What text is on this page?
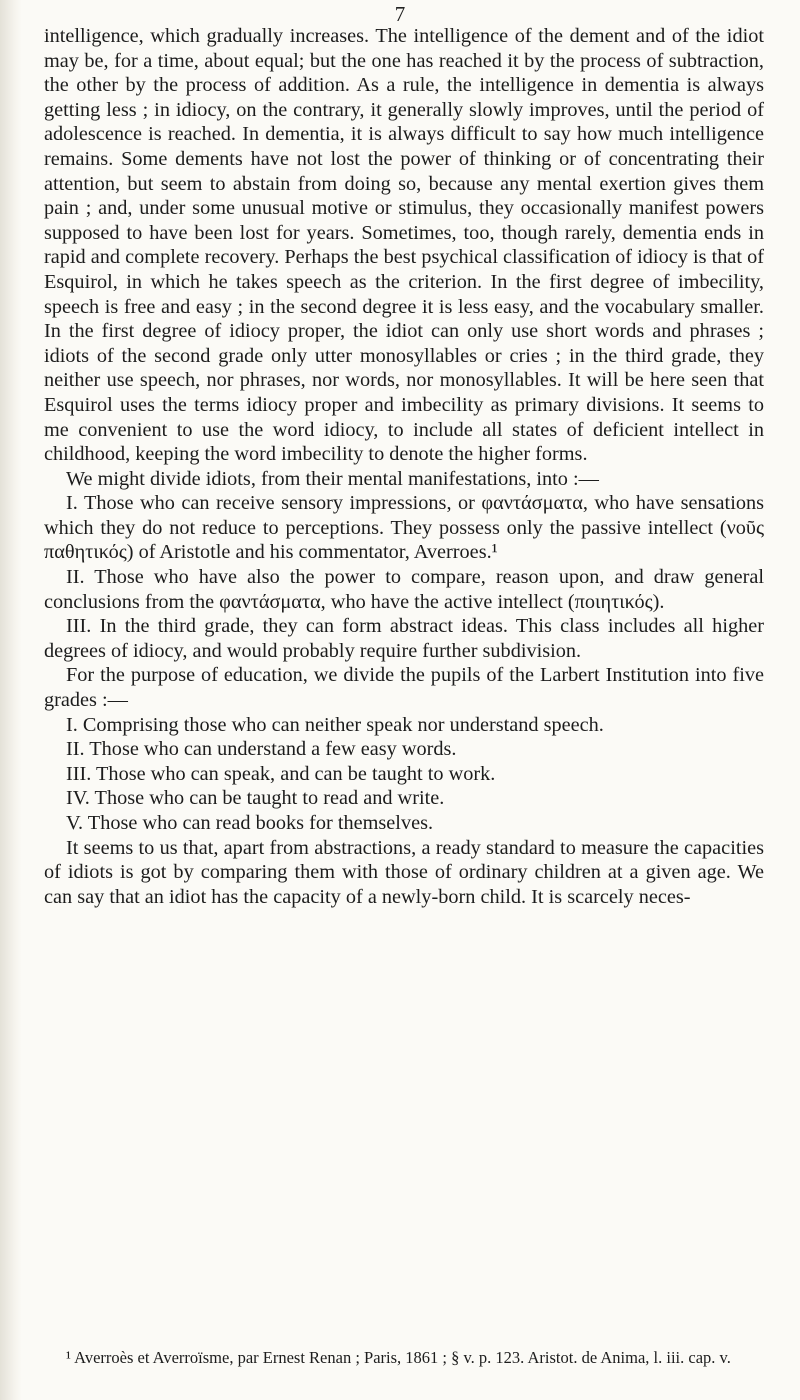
7

intelligence, which gradually increases. The intelligence of the dement and of the idiot may be, for a time, about equal; but the one has reached it by the process of subtraction, the other by the process of addition. As a rule, the intelligence in dementia is always getting less ; in idiocy, on the contrary, it generally slowly improves, until the period of adolescence is reached. In dementia, it is always difficult to say how much intelligence remains. Some dements have not lost the power of thinking or of concentrating their attention, but seem to abstain from doing so, because any mental exertion gives them pain ; and, under some unusual motive or stimulus, they occasionally manifest powers supposed to have been lost for years. Sometimes, too, though rarely, dementia ends in rapid and complete recovery. Perhaps the best psychical classification of idiocy is that of Esquirol, in which he takes speech as the criterion. In the first degree of imbecility, speech is free and easy ; in the second degree it is less easy, and the vocabulary smaller. In the first degree of idiocy proper, the idiot can only use short words and phrases ; idiots of the second grade only utter monosyllables or cries ; in the third grade, they neither use speech, nor phrases, nor words, nor monosyllables. It will be here seen that Esquirol uses the terms idiocy proper and imbecility as primary divisions. It seems to me convenient to use the word idiocy, to include all states of deficient intellect in childhood, keeping the word imbecility to denote the higher forms.

We might divide idiots, from their mental manifestations, into :—

I. Those who can receive sensory impressions, or φαντάσματα, who have sensations which they do not reduce to perceptions. They possess only the passive intellect (νοῦς παθητικός) of Aristotle and his commentator, Averroes.¹

II. Those who have also the power to compare, reason upon, and draw general conclusions from the φαντάσματα, who have the active intellect (ποιητικός).

III. In the third grade, they can form abstract ideas. This class includes all higher degrees of idiocy, and would probably require further subdivision.

For the purpose of education, we divide the pupils of the Larbert Institution into five grades :—

I. Comprising those who can neither speak nor understand speech.

II. Those who can understand a few easy words.

III. Those who can speak, and can be taught to work.

IV. Those who can be taught to read and write.

V. Those who can read books for themselves.

It seems to us that, apart from abstractions, a ready standard to measure the capacities of idiots is got by comparing them with those of ordinary children at a given age. We can say that an idiot has the capacity of a newly-born child. It is scarcely neces-

¹ Averroès et Averroïsme, par Ernest Renan ; Paris, 1861 ; § v. p. 123. Aristot. de Anima, l. iii. cap. v.
